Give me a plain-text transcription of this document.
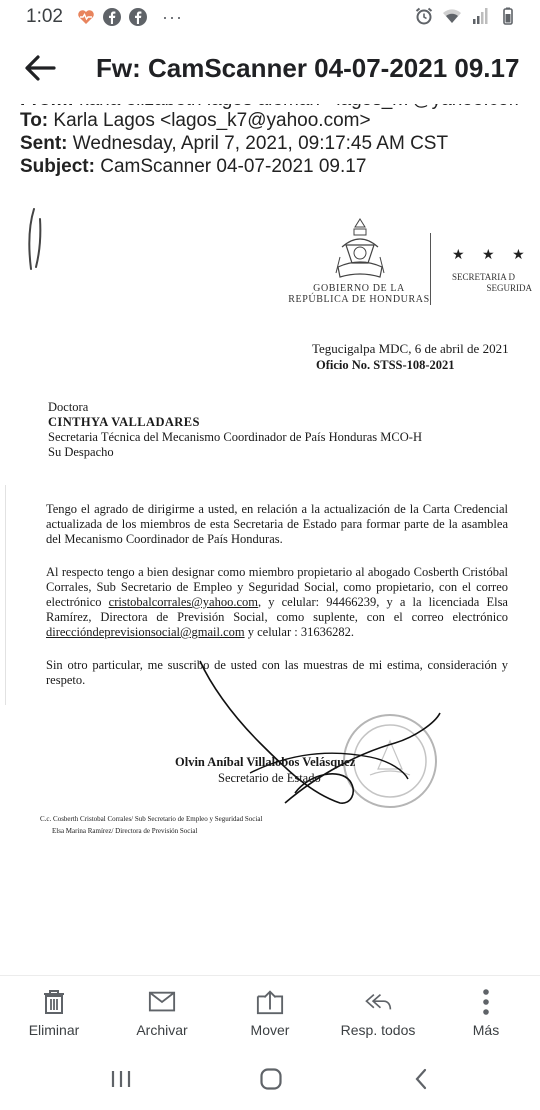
1:02	···
Fw: CamScanner 04-07-2021 09.17
To: Karla Lagos <lagos_k7@yahoo.com>
Sent: Wednesday, April 7, 2021, 09:17:45 AM CST
Subject: CamScanner 04-07-2021 09.17
GOBIERNO DE LA
REPÚBLICA DE HONDURAS
★ ★ ★
SECRETARIA D
SEGURIDA
Tegucigalpa MDC, 6 de abril de 2021
Oficio No. STSS-108-2021
Doctora
CINTHYA VALLADARES
Secretaria Técnica del Mecanismo Coordinador de País Honduras MCO-H
Su Despacho
Tengo el agrado de dirigirme a usted, en relación a la actualización de la Carta Credencial actualizada de los miembros de esta Secretaria de Estado para formar parte de la asamblea del Mecanismo Coordinador de País Honduras.
Al respecto tengo a bien designar como miembro propietario al abogado Cosberth Cristóbal Corrales, Sub Secretario de Empleo y Seguridad Social, como propietario, con el correo electrónico cristobalcorrales@yahoo.com, y celular: 94466239, y a la licenciada Elsa Ramírez, Directora de Previsión Social, como suplente, con el correo electrónico direccióndeprevisionsocial@gmail.com y celular : 31636282.
Sin otro particular, me suscribo de usted con las muestras de mi estima, consideración y respeto.
Olvin Aníbal Villalobos Velásquez
Secretario de Estado
C.c. Cosberth Cristobal Corrales/ Sub Secretario de Empleo y Seguridad Social
Elsa Marina Ramírez/ Directora de Previsión Social
Eliminar	Archivar	Mover	Resp. todos	Más
